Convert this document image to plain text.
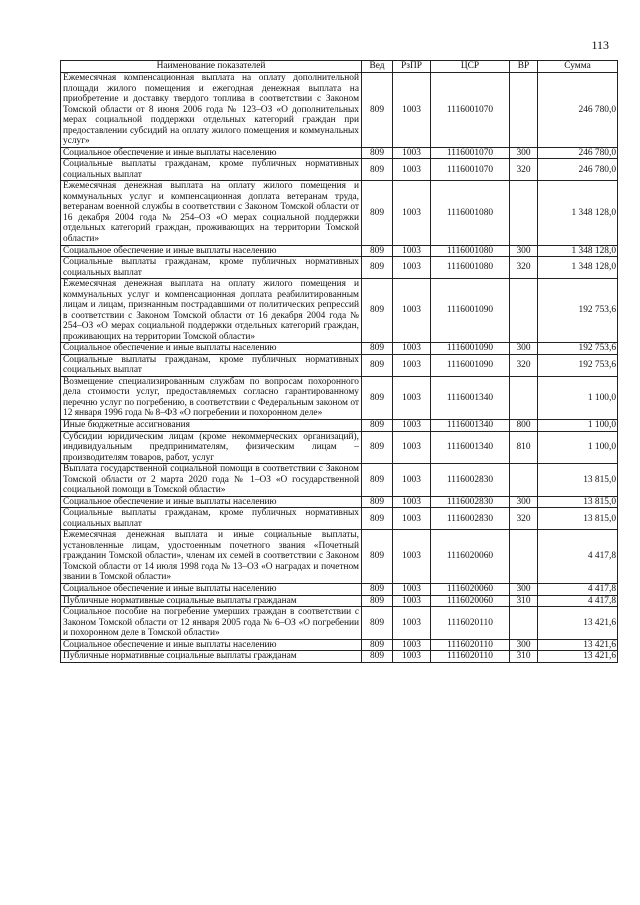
113
Наименование показателей	Вед	РзПР	ЦСР	ВР	Сумма
Ежемесячная компенсационная выплата на оплату дополнительной площади жилого помещения и ежегодная денежная выплата на приобретение и доставку твердого топлива в соответствии с Законом Томской области от 8 июня 2006 года № 123–ОЗ «О дополнительных мерах социальной поддержки отдельных категорий граждан при предоставлении субсидий на оплату жилого помещения и коммунальных услуг»	809	1003	1116001070		246 780,0
Социальное обеспечение и иные выплаты населению	809	1003	1116001070	300	246 780,0
Социальные выплаты гражданам, кроме публичных нормативных социальных выплат	809	1003	1116001070	320	246 780,0
Ежемесячная денежная выплата на оплату жилого помещения и коммунальных услуг и компенсационная доплата ветеранам труда, ветеранам военной службы в соответствии с Законом Томской области от 16 декабря 2004 года № 254–ОЗ «О мерах социальной поддержки отдельных категорий граждан, проживающих на территории Томской области»	809	1003	1116001080		1 348 128,0
Социальное обеспечение и иные выплаты населению	809	1003	1116001080	300	1 348 128,0
Социальные выплаты гражданам, кроме публичных нормативных социальных выплат	809	1003	1116001080	320	1 348 128,0
Ежемесячная денежная выплата на оплату жилого помещения и коммунальных услуг и компенсационная доплата реабилитированным лицам и лицам, признанным пострадавшими от политических репрессий в соответствии с Законом Томской области от 16 декабря 2004 года № 254–ОЗ «О мерах социальной поддержки отдельных категорий граждан, проживающих на территории Томской области»	809	1003	1116001090		192 753,6
Социальное обеспечение и иные выплаты населению	809	1003	1116001090	300	192 753,6
Социальные выплаты гражданам, кроме публичных нормативных социальных выплат	809	1003	1116001090	320	192 753,6
Возмещение специализированным службам по вопросам похоронного дела стоимости услуг, предоставляемых согласно гарантированному перечню услуг по погребению, в соответствии с Федеральным законом от 12 января 1996 года № 8–ФЗ «О погребении и похоронном деле»	809	1003	1116001340		1 100,0
Иные бюджетные ассигнования	809	1003	1116001340	800	1 100,0
Субсидии юридическим лицам (кроме некоммерческих организаций), индивидуальным предпринимателям, физическим лицам – производителям товаров, работ, услуг	809	1003	1116001340	810	1 100,0
Выплата государственной социальной помощи в соответствии с Законом Томской области от 2 марта 2020 года № 1–ОЗ «О государственной социальной помощи в Томской области»	809	1003	1116002830		13 815,0
Социальное обеспечение и иные выплаты населению	809	1003	1116002830	300	13 815,0
Социальные выплаты гражданам, кроме публичных нормативных социальных выплат	809	1003	1116002830	320	13 815,0
Ежемесячная денежная выплата и иные социальные выплаты, установленные лицам, удостоенным почетного звания «Почетный гражданин Томской области», членам их семей в соответствии с Законом Томской области от 14 июля 1998 года № 13–ОЗ «О наградах и почетном звании в Томской области»	809	1003	1116020060		4 417,8
Социальное обеспечение и иные выплаты населению	809	1003	1116020060	300	4 417,8
Публичные нормативные социальные выплаты гражданам	809	1003	1116020060	310	4 417,8
Социальное пособие на погребение умерших граждан в соответствии с Законом Томской области от 12 января 2005 года № 6–ОЗ «О погребении и похоронном деле в Томской области»	809	1003	1116020110		13 421,6
Социальное обеспечение и иные выплаты населению	809	1003	1116020110	300	13 421,6
Публичные нормативные социальные выплаты гражданам	809	1003	1116020110	310	13 421,6
